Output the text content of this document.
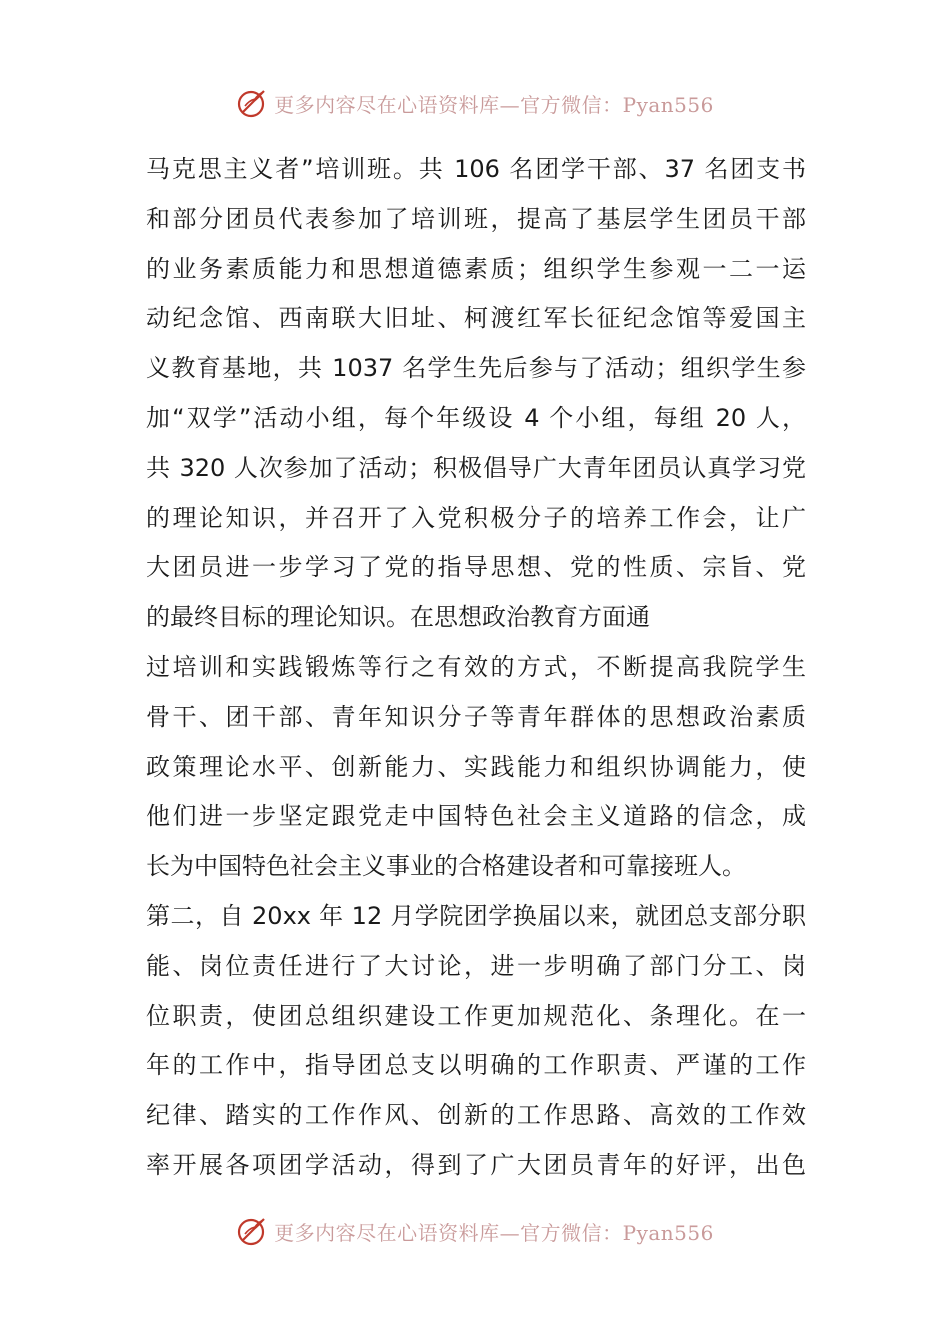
更多内容尽在心语资料库—官方微信：Pyan556
马克思主义者”培训班。共 106 名团学干部、37 名团支书
和部分团员代表参加了培训班，提高了基层学生团员干部
的业务素质能力和思想道德素质；组织学生参观一二一运
动纪念馆、西南联大旧址、柯渡红军长征纪念馆等爱国主
义教育基地，共 1037 名学生先后参与了活动；组织学生参
加“双学”活动小组，每个年级设 4 个小组，每组 20 人，
共 320 人次参加了活动；积极倡导广大青年团员认真学习党
的理论知识，并召开了入党积极分子的培养工作会，让广
大团员进一步学习了党的指导思想、党的性质、宗旨、党
的最终目标的理论知识。在思想政治教育方面通
过培训和实践锻炼等行之有效的方式，不断提高我院学生
骨干、团干部、青年知识分子等青年群体的思想政治素质
政策理论水平、创新能力、实践能力和组织协调能力，使
他们进一步坚定跟党走中国特色社会主义道路的信念，成
长为中国特色社会主义事业的合格建设者和可靠接班人。
第二，自 20xx 年 12 月学院团学换届以来，就团总支部分职
能、岗位责任进行了大讨论，进一步明确了部门分工、岗
位职责，使团总组织建设工作更加规范化、条理化。在一
年的工作中，指导团总支以明确的工作职责、严谨的工作
纪律、踏实的工作作风、创新的工作思路、高效的工作效
率开展各项团学活动，得到了广大团员青年的好评，出色
更多内容尽在心语资料库—官方微信：Pyan556
